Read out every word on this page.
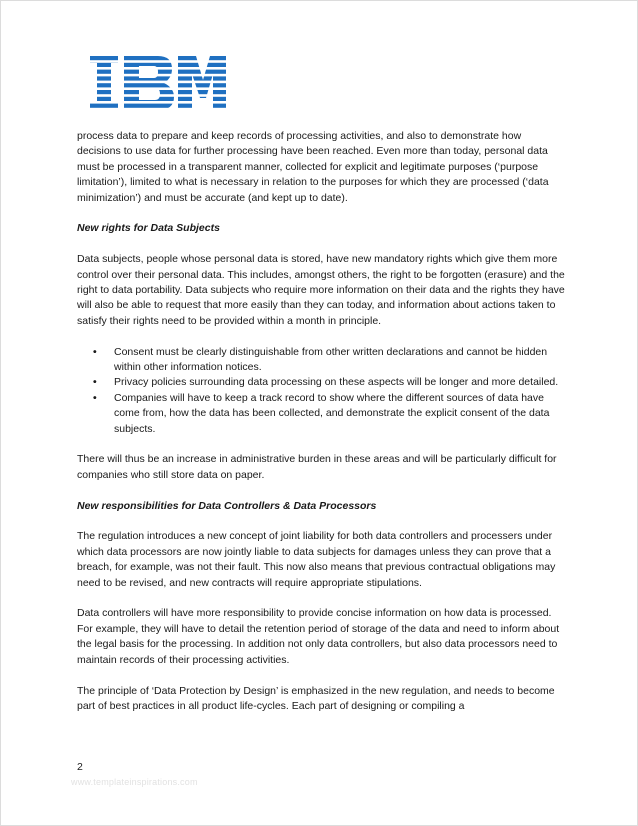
process data to prepare and keep records of processing activities, and also to demonstrate how decisions to use data for further processing have been reached. Even more than today, personal data must be processed in a transparent manner, collected for explicit and legitimate purposes (‘purpose limitation’), limited to what is necessary in relation to the purposes for which they are processed (‘data minimization’) and must be accurate (and kept up to date).

New rights for Data Subjects

Data subjects, people whose personal data is stored, have new mandatory rights which give them more control over their personal data. This includes, amongst others, the right to be forgotten (erasure) and the right to data portability. Data subjects who require more information on their data and the rights they have will also be able to request that more easily than they can today, and information about actions taken to satisfy their rights need to be provided within a month in principle.

• Consent must be clearly distinguishable from other written declarations and cannot be hidden within other information notices.
• Privacy policies surrounding data processing on these aspects will be longer and more detailed.
• Companies will have to keep a track record to show where the different sources of data have come from, how the data has been collected, and demonstrate the explicit consent of the data subjects.

There will thus be an increase in administrative burden in these areas and will be particularly difficult for companies who still store data on paper.

New responsibilities for Data Controllers & Data Processors

The regulation introduces a new concept of joint liability for both data controllers and processers under which data processors are now jointly liable to data subjects for damages unless they can prove that a breach, for example, was not their fault. This now also means that previous contractual obligations may need to be revised, and new contracts will require appropriate stipulations.

Data controllers will have more responsibility to provide concise information on how data is processed. For example, they will have to detail the retention period of storage of the data and need to inform about the legal basis for the processing. In addition not only data controllers, but also data processors need to maintain records of their processing activities.

The principle of ‘Data Protection by Design’ is emphasized in the new regulation, and needs to become part of best practices in all product life-cycles. Each part of designing or compiling a

2
www.templateinspirations.com
